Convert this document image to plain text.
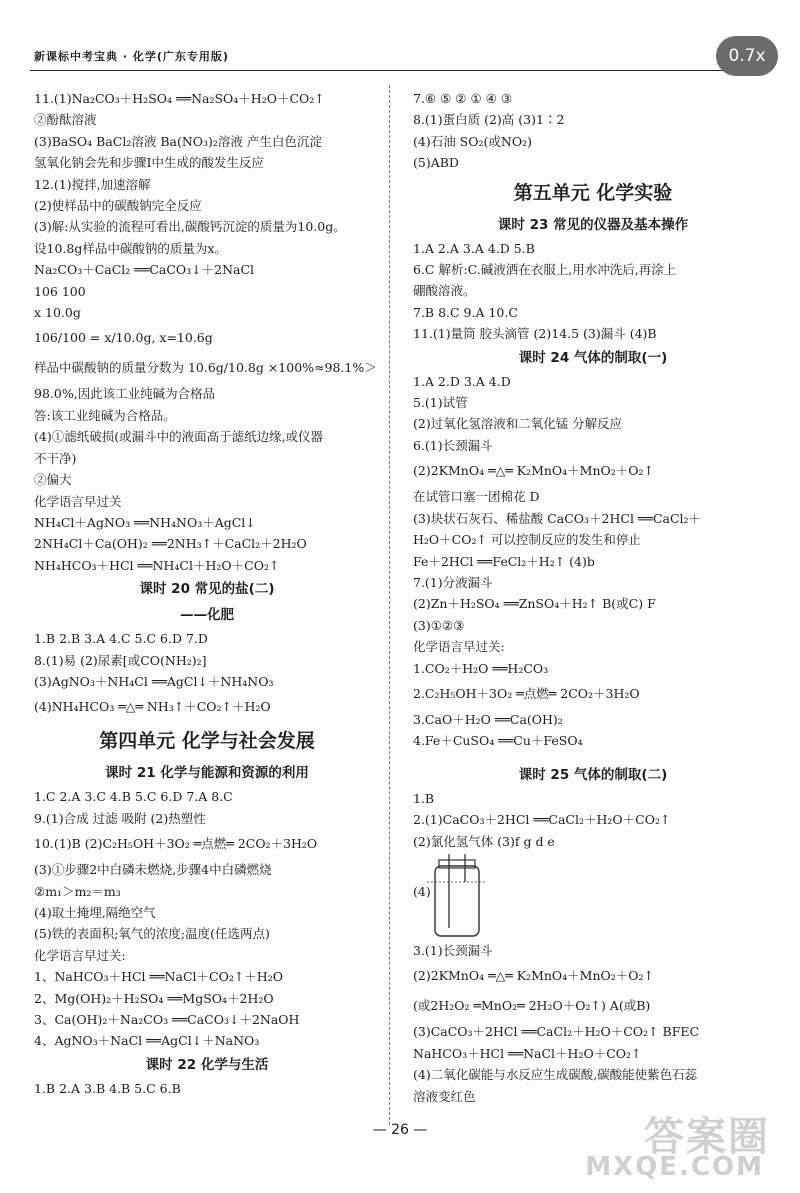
新课标中考宝典 · 化学(广东专用版)	0.7x
11.(1)Na₂CO₃＋H₂SO₄ ══Na₂SO₄＋H₂O＋CO₂↑
②酚酞溶液
(3)BaSO₄ BaCl₂溶液 Ba(NO₃)₂溶液 产生白色沉淀
氢氧化钠会先和步骤Ⅰ中生成的酸发生反应
12.(1)搅拌,加速溶解
(2)使样品中的碳酸钠完全反应
(3)解:从实验的流程可看出,碳酸钙沉淀的质量为10.0g。
设10.8g样品中碳酸钠的质量为x。
Na₂CO₃＋CaCl₂ ══CaCO₃↓＋2NaCl
106 100
x 10.0g
106/100 = x/10.0g, x=10.6g
样品中碳酸钠的质量分数为 10.6g/10.8g ×100%≈98.1%＞
98.0%,因此该工业纯碱为合格品
答:该工业纯碱为合格品。
(4)①滤纸破损(或漏斗中的液面高于滤纸边缘,或仪器
不干净)
②偏大
化学语言早过关
NH₄Cl＋AgNO₃ ══NH₄NO₃＋AgCl↓
2NH₄Cl＋Ca(OH)₂ ══2NH₃↑＋CaCl₂＋2H₂O
NH₄HCO₃＋HCl ══NH₄Cl＋H₂O＋CO₂↑
课时 20 常见的盐(二)
——化肥
1.B 2.B 3.A 4.C 5.C 6.D 7.D
8.(1)易 (2)尿素[或CO(NH₂)₂]
(3)AgNO₃＋NH₄Cl ══AgCl↓＋NH₄NO₃
(4)NH₄HCO₃ ═△═ NH₃↑＋CO₂↑＋H₂O
第四单元 化学与社会发展
课时 21 化学与能源和资源的利用
1.C 2.A 3.C 4.B 5.C 6.D 7.A 8.C
9.(1)合成 过滤 吸附 (2)热塑性
10.(1)B (2)C₂H₅OH＋3O₂ ═点燃═ 2CO₂＋3H₂O
(3)①步骤2中白磷未燃烧,步骤4中白磷燃烧
②m₁＞m₂＝m₃
(4)取土掩埋,隔绝空气
(5)铁的表面积;氧气的浓度;温度(任选两点)
化学语言早过关:
1、NaHCO₃＋HCl ══NaCl＋CO₂↑＋H₂O
2、Mg(OH)₂＋H₂SO₄ ══MgSO₄＋2H₂O
3、Ca(OH)₂＋Na₂CO₃ ══CaCO₃↓＋2NaOH
4、AgNO₃＋NaCl ══AgCl↓＋NaNO₃
课时 22 化学与生活
1.B 2.A 3.B 4.B 5.C 6.B
7.⑥ ⑤ ② ① ④ ③
8.(1)蛋白质 (2)高 (3)1∶2
(4)石油 SO₂(或NO₂)
(5)ABD
第五单元 化学实验
课时 23 常见的仪器及基本操作
1.A 2.A 3.A 4.D 5.B
6.C 解析:C.碱液洒在衣服上,用水冲洗后,再涂上
硼酸溶液。
7.B 8.C 9.A 10.C
11.(1)量筒 胶头滴管 (2)14.5 (3)漏斗 (4)B
课时 24 气体的制取(一)
1.A 2.D 3.A 4.D
5.(1)试管
(2)过氧化氢溶液和二氧化锰 分解反应
6.(1)长颈漏斗
(2)2KMnO₄ ═△═ K₂MnO₄＋MnO₂＋O₂↑
在试管口塞一团棉花 D
(3)块状石灰石、稀盐酸 CaCO₃＋2HCl ══CaCl₂＋
H₂O＋CO₂↑ 可以控制反应的发生和停止
Fe＋2HCl ══FeCl₂＋H₂↑ (4)b
7.(1)分液漏斗
(2)Zn＋H₂SO₄ ══ZnSO₄＋H₂↑ B(或C) F
(3)①②③
化学语言早过关:
1.CO₂＋H₂O ══H₂CO₃
2.C₂H₅OH＋3O₂ ═点燃═ 2CO₂＋3H₂O
3.CaO＋H₂O ══Ca(OH)₂
4.Fe＋CuSO₄ ══Cu＋FeSO₄
课时 25 气体的制取(二)
1.B
2.(1)CaCO₃＋2HCl ══CaCl₂＋H₂O＋CO₂↑
(2)氯化氢气体 (3)f g d e
(4)
3.(1)长颈漏斗
(2)2KMnO₄ ═△═ K₂MnO₄＋MnO₂＋O₂↑
(或2H₂O₂ ═MnO₂═ 2H₂O＋O₂↑) A(或B)
(3)CaCO₃＋2HCl ══CaCl₂＋H₂O＋CO₂↑ BFEC
NaHCO₃＋HCl ══NaCl＋H₂O＋CO₂↑
(4)二氧化碳能与水反应生成碳酸,碳酸能使紫色石蕊
溶液变红色
— 26 —	答案圈
MXQE.COM
